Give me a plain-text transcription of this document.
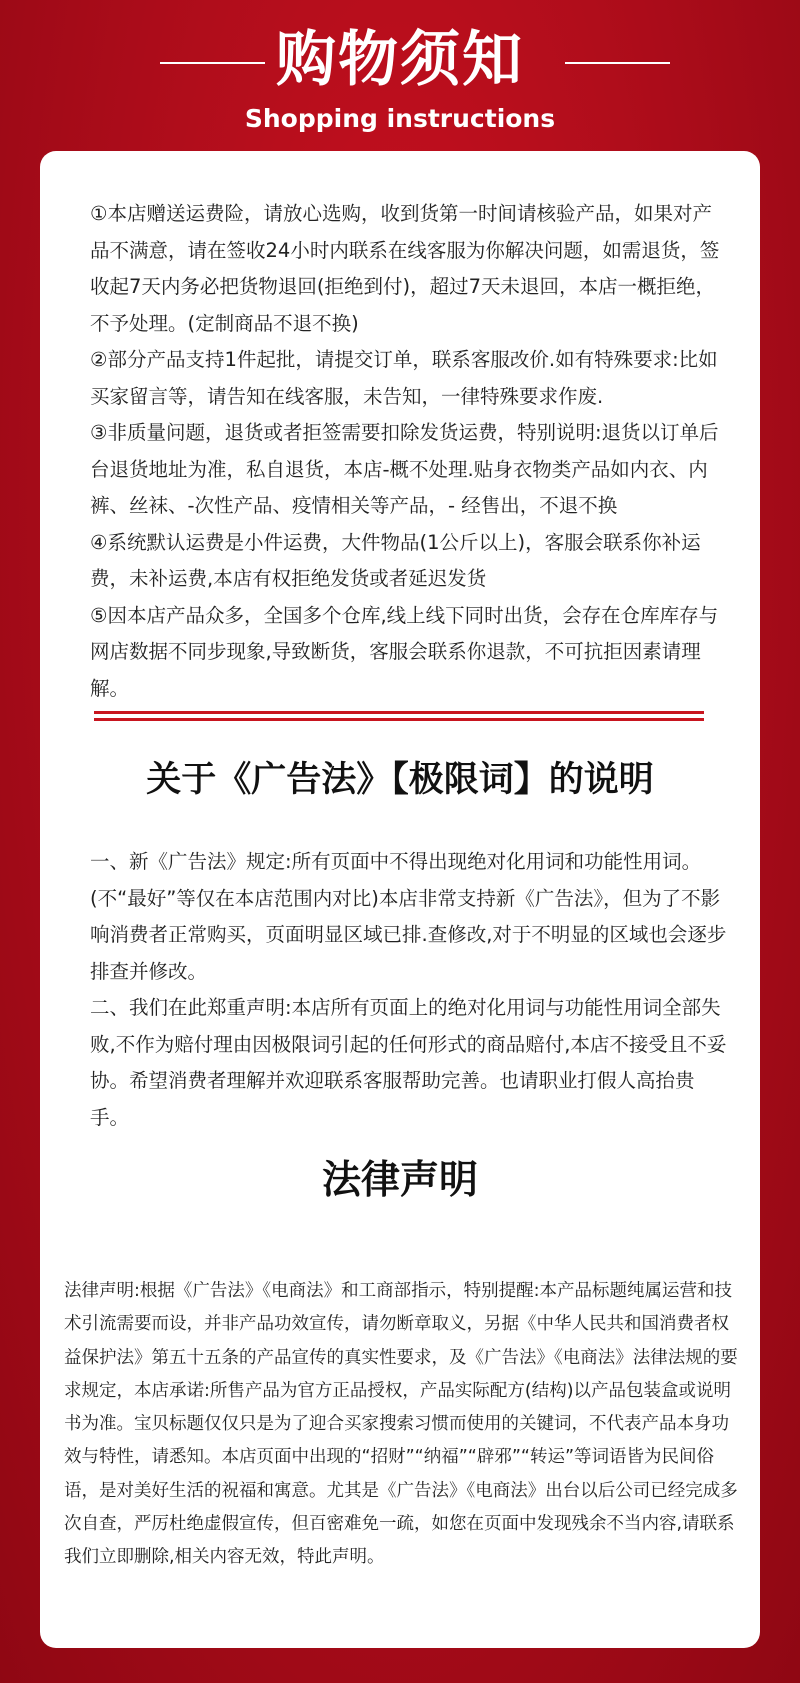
购物须知
Shopping instructions
①本店赠送运费险，请放心选购，收到货第一时间请核验产品，如果对产品不满意，请在签收24小时内联系在线客服为你解决问题，如需退货，签收起7天内务必把货物退回(拒绝到付)，超过7天未退回，本店一概拒绝，不予处理。(定制商品不退不换)
②部分产品支持1件起批，请提交订单，联系客服改价.如有特殊要求:比如买家留言等，请告知在线客服，未告知，一律特殊要求作废.
③非质量问题，退货或者拒签需要扣除发货运费，特别说明:退货以订单后台退货地址为准，私自退货，本店-概不处理.贴身衣物类产品如内衣、内裤、丝袜、-次性产品、疫情相关等产品，- 经售出，不退不换
④系统默认运费是小件运费，大件物品(1公斤以上)，客服会联系你补运费，未补运费,本店有权拒绝发货或者延迟发货
⑤因本店产品众多，全国多个仓库,线上线下同时出货，会存在仓库库存与网店数据不同步现象,导致断货，客服会联系你退款，不可抗拒因素请理解。
关于《广告法》【极限词】的说明

一、新《广告法》规定:所有页面中不得出现绝对化用词和功能性用词。(不“最好”等仅在本店范围内对比)本店非常支持新《广告法》，但为了不影响消费者正常购买，页面明显区域已排.查修改,对于不明显的区域也会逐步排查并修改。

二、我们在此郑重声明:本店所有页面上的绝对化用词与功能性用词全部失败,不作为赔付理由因极限词引起的任何形式的商品赔付,本店不接受且不妥协。希望消费者理解并欢迎联系客服帮助完善。也请职业打假人高抬贵手。

法律声明

法律声明:根据《广告法》《电商法》和工商部指示，特别提醒:本产品标题纯属运营和技术引流需要而设，并非产品功效宣传，请勿断章取义，另据《中华人民共和国消费者权益保护法》第五十五条的产品宣传的真实性要求，及《广告法》《电商法》法律法规的要求规定，本店承诺:所售产品为官方正品授权，产品实际配方(结构)以产品包装盒或说明书为准。宝贝标题仅仅只是为了迎合买家搜索习惯而使用的关键词，不代表产品本身功效与特性，请悉知。本店页面中出现的“招财”“纳福”“辟邪”“转运”等词语皆为民间俗语，是对美好生活的祝福和寓意。尤其是《广告法》《电商法》出台以后公司已经完成多次自查，严厉杜绝虚假宣传，但百密难免一疏，如您在页面中发现残余不当内容,请联系我们立即删除,相关内容无效，特此声明。
